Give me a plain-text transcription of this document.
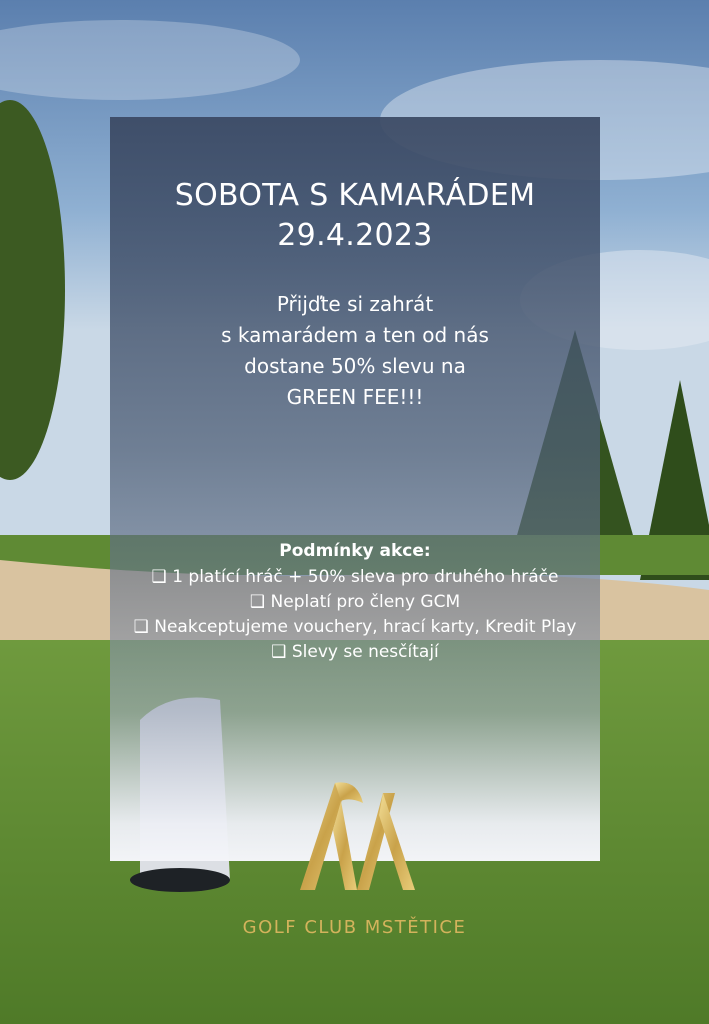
SOBOTA S KAMARÁDEM
29.4.2023
Přijďte si zahrát
s kamarádem a ten od nás
dostane 50% slevu na
GREEN FEE!!!
Podmínky akce:
❑ 1 platící hráč + 50% sleva pro druhého hráče
❑ Neplatí pro členy GCM
❑ Neakceptujeme vouchery, hrací karty, Kredit Play
❑ Slevy se nesčítají
GOLF CLUB MSTĚTICE
